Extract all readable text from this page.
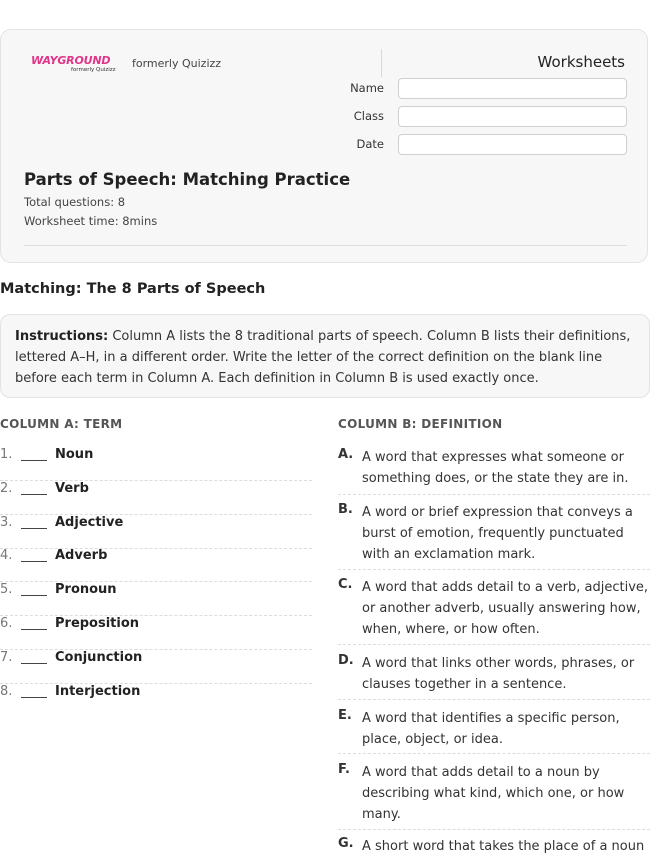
WAYGROUND
formerly Quizizz formerly Quizizz	Worksheets
Name
Class
Date
Parts of Speech: Matching Practice
Total questions: 8
Worksheet time: 8mins
Matching: The 8 Parts of Speech
Instructions: Column A lists the 8 traditional parts of speech. Column B lists their definitions, lettered A–H, in a different order. Write the letter of the correct definition on the blank line before each term in Column A. Each definition in Column B is used exactly once.
COLUMN A: TERM	COLUMN B: DEFINITION
1.	Noun
2.	Verb
3.	Adjective
4.	Adverb
5.	Pronoun
6.	Preposition
7.	Conjunction
8.	Interjection
A. A word that expresses what someone or something does, or the state they are in.
B. A word or brief expression that conveys a burst of emotion, frequently punctuated with an exclamation mark.
C. A word that adds detail to a verb, adjective, or another adverb, usually answering how, when, where, or how often.
D. A word that links other words, phrases, or clauses together in a sentence.
E. A word that identifies a specific person, place, object, or idea.
F. A word that adds detail to a noun by describing what kind, which one, or how many.
G. A short word that takes the place of a noun
